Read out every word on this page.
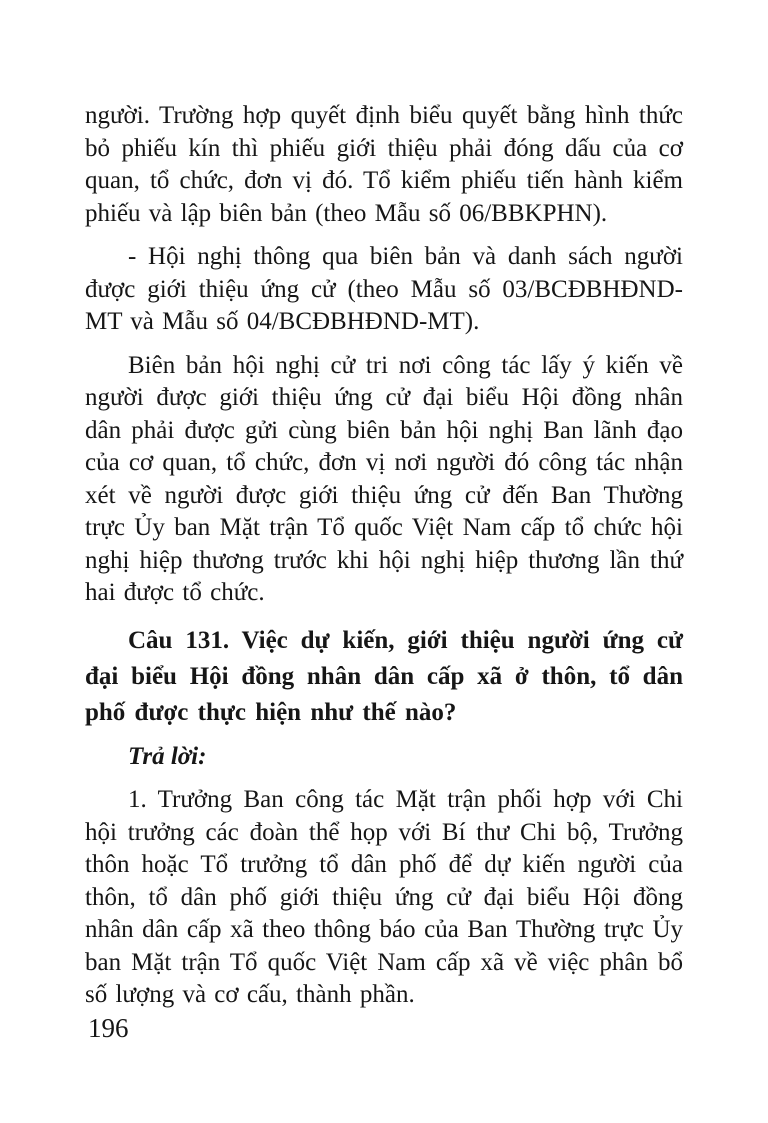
người. Trường hợp quyết định biểu quyết bằng hình thức bỏ phiếu kín thì phiếu giới thiệu phải đóng dấu của cơ quan, tổ chức, đơn vị đó. Tổ kiểm phiếu tiến hành kiểm phiếu và lập biên bản (theo Mẫu số 06/BBKPHN).

- Hội nghị thông qua biên bản và danh sách người được giới thiệu ứng cử (theo Mẫu số 03/BCĐBHĐND-MT và Mẫu số 04/BCĐBHĐND-MT).

Biên bản hội nghị cử tri nơi công tác lấy ý kiến về người được giới thiệu ứng cử đại biểu Hội đồng nhân dân phải được gửi cùng biên bản hội nghị Ban lãnh đạo của cơ quan, tổ chức, đơn vị nơi người đó công tác nhận xét về người được giới thiệu ứng cử đến Ban Thường trực Ủy ban Mặt trận Tổ quốc Việt Nam cấp tổ chức hội nghị hiệp thương trước khi hội nghị hiệp thương lần thứ hai được tổ chức.

Câu 131. Việc dự kiến, giới thiệu người ứng cử đại biểu Hội đồng nhân dân cấp xã ở thôn, tổ dân phố được thực hiện như thế nào?

Trả lời:

1. Trưởng Ban công tác Mặt trận phối hợp với Chi hội trưởng các đoàn thể họp với Bí thư Chi bộ, Trưởng thôn hoặc Tổ trưởng tổ dân phố để dự kiến người của thôn, tổ dân phố giới thiệu ứng cử đại biểu Hội đồng nhân dân cấp xã theo thông báo của Ban Thường trực Ủy ban Mặt trận Tổ quốc Việt Nam cấp xã về việc phân bổ số lượng và cơ cấu, thành phần.

196
